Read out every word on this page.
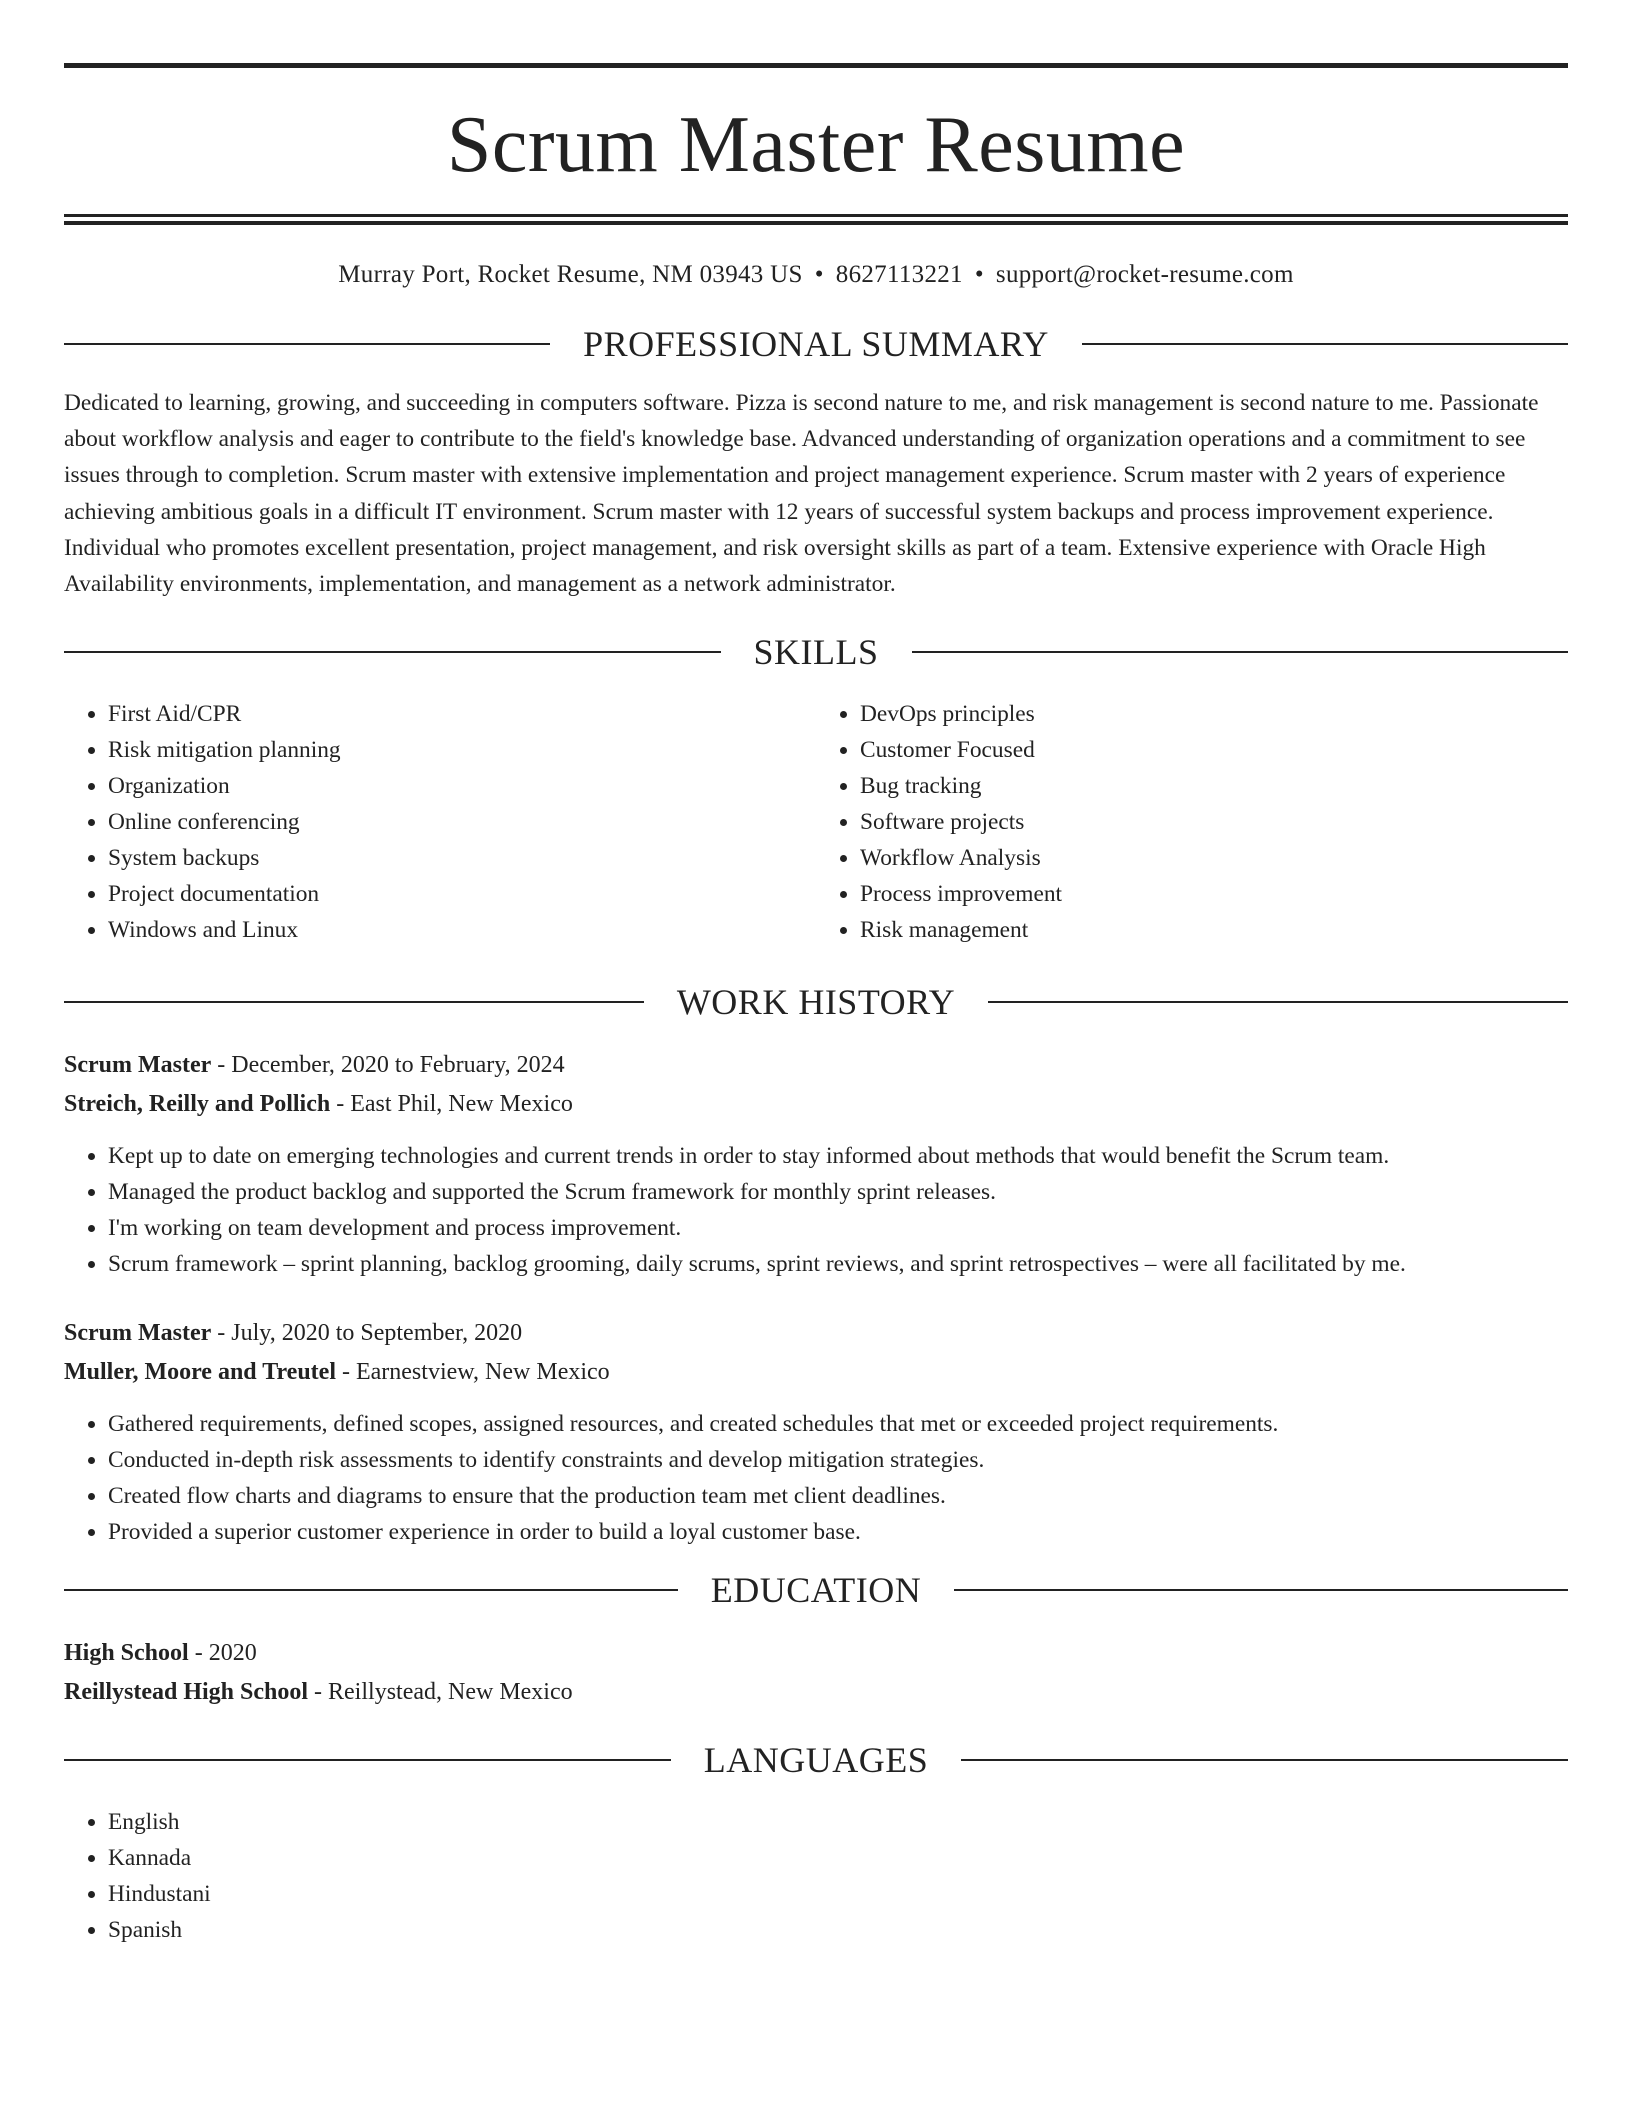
Scrum Master Resume
Murray Port, Rocket Resume, NM 03943 US • 8627113221 • support@rocket-resume.com
PROFESSIONAL SUMMARY

Dedicated to learning, growing, and succeeding in computers software. Pizza is second nature to me, and risk management is second nature to me. Passionate about workflow analysis and eager to contribute to the field's knowledge base. Advanced understanding of organization operations and a commitment to see issues through to completion. Scrum master with extensive implementation and project management experience. Scrum master with 2 years of experience achieving ambitious goals in a difficult IT environment. Scrum master with 12 years of successful system backups and process improvement experience. Individual who promotes excellent presentation, project management, and risk oversight skills as part of a team. Extensive experience with Oracle High Availability environments, implementation, and management as a network administrator.

SKILLS
• First Aid/CPR
• Risk mitigation planning
• Organization
• Online conferencing
• System backups
• Project documentation
• Windows and Linux
• DevOps principles
• Customer Focused
• Bug tracking
• Software projects
• Workflow Analysis
• Process improvement
• Risk management
WORK HISTORY
Scrum Master - December, 2020 to February, 2024
Streich, Reilly and Pollich - East Phil, New Mexico
• Kept up to date on emerging technologies and current trends in order to stay informed about methods that would benefit the Scrum team.
• Managed the product backlog and supported the Scrum framework for monthly sprint releases.
• I'm working on team development and process improvement.
• Scrum framework – sprint planning, backlog grooming, daily scrums, sprint reviews, and sprint retrospectives – were all facilitated by me.
Scrum Master - July, 2020 to September, 2020
Muller, Moore and Treutel - Earnestview, New Mexico
• Gathered requirements, defined scopes, assigned resources, and created schedules that met or exceeded project requirements.
• Conducted in-depth risk assessments to identify constraints and develop mitigation strategies.
• Created flow charts and diagrams to ensure that the production team met client deadlines.
• Provided a superior customer experience in order to build a loyal customer base.
EDUCATION
High School - 2020
Reillystead High School - Reillystead, New Mexico
LANGUAGES
• English
• Kannada
• Hindustani
• Spanish
